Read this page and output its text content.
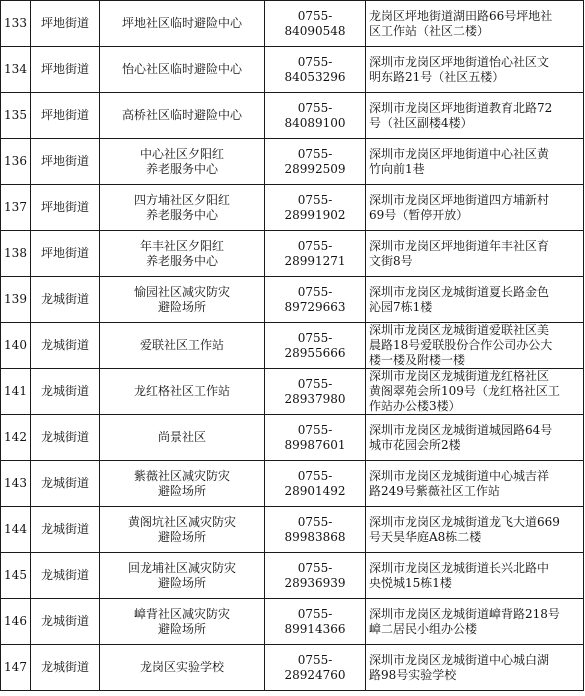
133	坪地街道	坪地社区临时避险中心	0755-84090548	龙岗区坪地街道湖田路66号坪地社
区工作站（社区二楼）

134	坪地街道	怡心社区临时避险中心	0755-84053296	深圳市龙岗区坪地街道怡心社区文
明东路21号（社区五楼）

135	坪地街道	高桥社区临时避险中心	0755-84089100	深圳市龙岗区坪地街道教育北路72
号（社区副楼4楼）

136	坪地街道	中心社区夕阳红
养老服务中心	0755-28992509	深圳市龙岗区坪地街道中心社区黄
竹向前1巷

137	坪地街道	四方埔社区夕阳红
养老服务中心	0755-28991902	深圳市龙岗区坪地街道四方埔新村
69号（暂停开放）

138	坪地街道	年丰社区夕阳红
养老服务中心	0755-28991271	深圳市龙岗区坪地街道年丰社区育
文街8号

139	龙城街道	愉园社区减灾防灾
避险场所	0755-89729663	深圳市龙岗区龙城街道夏长路金色
沁园7栋1楼

140	龙城街道	爱联社区工作站	0755-28955666	深圳市龙岗区龙城街道爱联社区美
晨路18号爱联股份合作公司办公大
楼一楼及附楼一楼

141	龙城街道	龙红格社区工作站	0755-28937980	深圳市龙岗区龙城街道龙红格社区
黄阁翠苑会所109号（龙红格社区工
作站办公楼3楼）

142	龙城街道	尚景社区	0755-89987601	深圳市龙岗区龙城街道城园路64号
城市花园会所2楼

143	龙城街道	紫薇社区减灾防灾
避险场所	0755-28901492	深圳市龙岗区龙城街道中心城吉祥
路249号紫薇社区工作站

144	龙城街道	黄阁坑社区减灾防灾
避险场所	0755-89983868	深圳市龙岗区龙城街道龙飞大道669
号天昊华庭A8栋二楼

145	龙城街道	回龙埔社区减灾防灾
避险场所	0755-28936939	深圳市龙岗区龙城街道长兴北路中
央悦城15栋1楼

146	龙城街道	嶂背社区减灾防灾
避险场所	0755-89914366	深圳市龙岗区龙城街道嶂背路218号
嶂二居民小组办公楼

147	龙城街道	龙岗区实验学校	0755-28924760	深圳市龙岗区龙城街道中心城白湖
路98号实验学校
